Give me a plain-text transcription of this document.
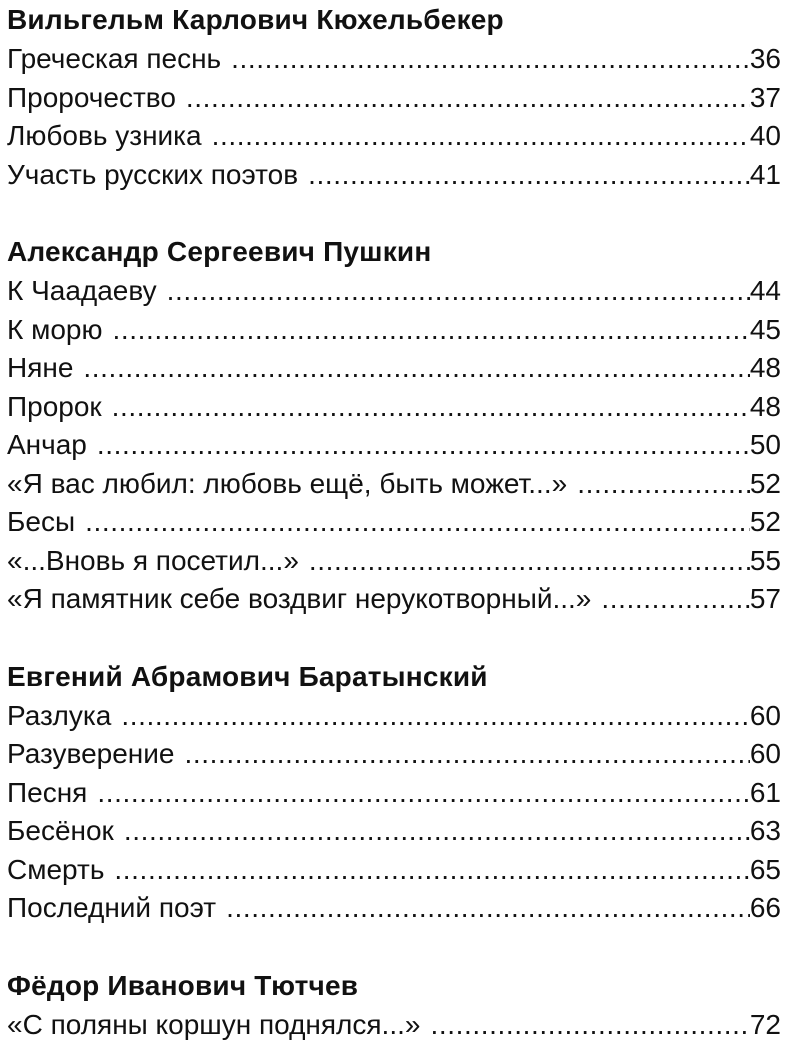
Вильгельм Карлович Кюхельбекер
Греческая песнь .....	36
Пророчество .....	37
Любовь узника .....	40
Участь русских поэтов .....	41
Александр Сергеевич Пушкин
К Чаадаеву .....	44
К морю .....	45
Няне .....	48
Пророк .....	48
Анчар .....	50
«Я вас любил: любовь ещё, быть может...» .....	52
Бесы .....	52
«...Вновь я посетил...» .....	55
«Я памятник себе воздвиг нерукотворный...» .....	57
Евгений Абрамович Баратынский
Разлука .....	60
Разуверение .....	60
Песня .....	61
Бесёнок .....	63
Смерть .....	65
Последний поэт .....	66
Фёдор Иванович Тютчев
«С поляны коршун поднялся...» .....	72
